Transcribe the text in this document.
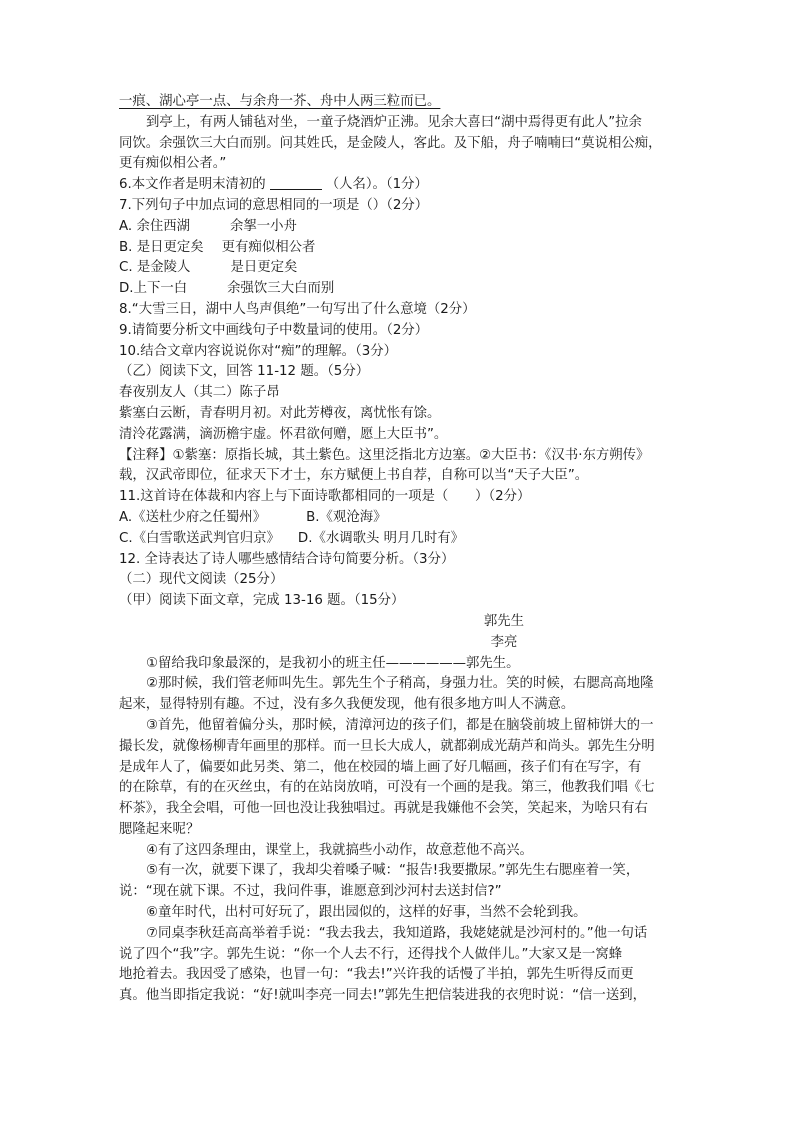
一痕、湖心亭一点、与余舟一芥、舟中人两三粒而已。

到亭上，有两人铺毡对坐，一童子烧酒炉正沸。见余大喜曰“湖中焉得更有此人”拉余

同饮。余强饮三大白而别。问其姓氏，是金陵人，客此。及下船，舟子喃喃曰“莫说相公痴，

更有痴似相公者。”

6.本文作者是明末清初的	（人名）。（1分）

7.下列句子中加点词的意思相同的一项是（）（2分）

A. 余住西湖	余挐一小舟

B. 是日更定矣 更有痴似相公者

C. 是金陵人	是日更定矣

D.上下一白	余强饮三大白而别

8.“大雪三日，湖中人鸟声俱绝”一句写出了什么意境（2分）

9.请简要分析文中画线句子中数量词的使用。（2分）

10.结合文章内容说说你对“痴”的理解。（3分）

（乙）阅读下文，回答 11-12 题。（5分）

春夜别友人（其二）陈子昂

紫塞白云断，青春明月初。对此芳樽夜，离忧怅有馀。

清泠花露满，滴沥檐宇虚。怀君欲何赠，愿上大臣书”。

【注释】①紫塞：原指长城，其土紫色。这里泛指北方边塞。②大臣书：《汉书·东方朔传》

载，汉武帝即位，征求天下才士，东方赋便上书自荐，自称可以当“天子大臣”。

11.这首诗在体裁和内容上与下面诗歌都相同的一项是（　　）（2分）

A.《送杜少府之任蜀州》	B.《观沧海》

C.《白雪歌送武判官归京》 D.《水调歌头 明月几时有》

12. 全诗表达了诗人哪些感情结合诗句简要分析。（3分）

（二）现代文阅读（25分）

（甲）阅读下面文章，完成 13-16 题。（15分）

郭先生

李亮

①留给我印象最深的，是我初小的班主任——————郭先生。

②那时候，我们管老师叫先生。郭先生个子稍高，身强力壮。笑的时候，右腮高高地隆

起来，显得特别有趣。不过，没有多久我便发现，他有很多地方叫人不满意。

③首先，他留着偏分头，那时候，清漳河边的孩子们，都是在脑袋前坡上留柿饼大的一

撮长发，就像杨柳青年画里的那样。而一旦长大成人，就都剃成光葫芦和尚头。郭先生分明

是成年人了，偏要如此另类、第二，他在校园的墙上画了好几幅画，孩子们有在写字，有

的在除草，有的在灭丝虫，有的在站岗放哨，可没有一个画的是我。第三，他教我们唱《七

杯茶》，我全会唱，可他一回也没让我独唱过。再就是我嫌他不会笑，笑起来，为啥只有右

腮隆起来呢？

④有了这四条理由，课堂上，我就搞些小动作，故意惹他不高兴。

⑤有一次，就要下课了，我却尖着嗓子喊：“报告!我要撒尿。”郭先生右腮座着一笑，

说：“现在就下课。不过，我问件事，谁愿意到沙河村去送封信?”

⑥童年时代，出村可好玩了，跟出园似的，这样的好事，当然不会轮到我。

⑦同桌李秋廷高高举着手说：“我去我去，我知道路，我姥姥就是沙河村的。”他一句话

说了四个“我”字。郭先生说：“你一个人去不行，还得找个人做伴儿。”大家又是一窝蜂

地抢着去。我因受了感染，也冒一句：“我去!”兴许我的话慢了半拍，郭先生听得反而更

真。他当即指定我说：“好!就叫李亮一同去!”郭先生把信装进我的衣兜时说：“信一送到，
